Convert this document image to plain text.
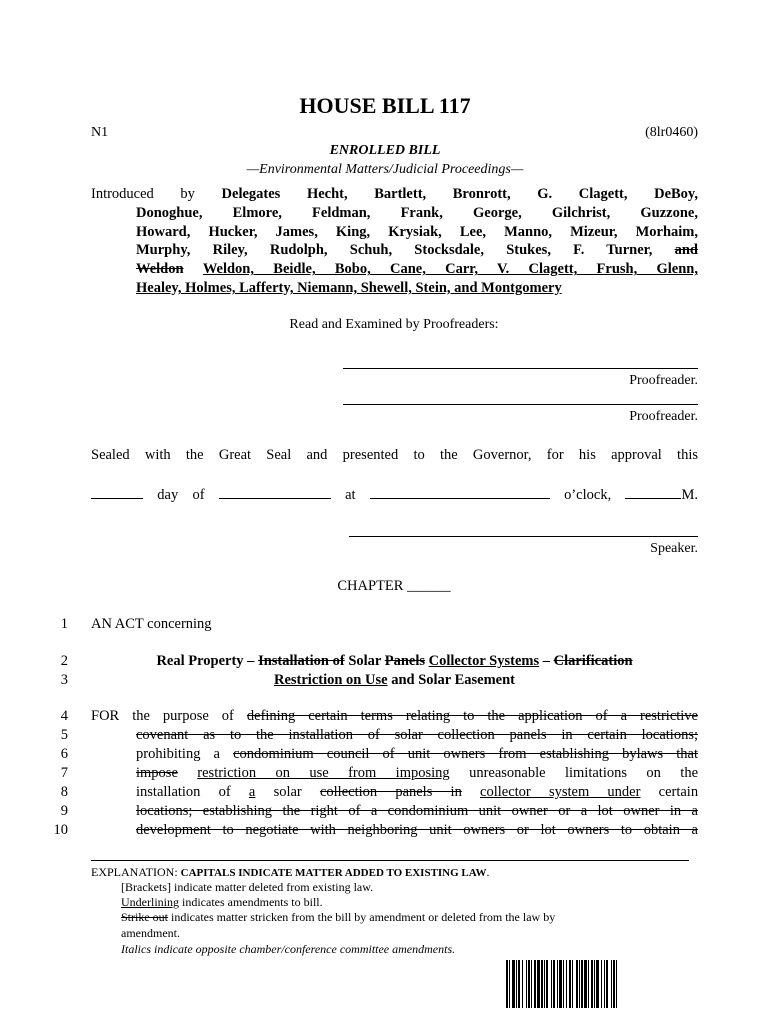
HOUSE BILL 117
N1	(8lr0460)
ENROLLED BILL
—Environmental Matters/Judicial Proceedings—
Introduced by Delegates Hecht, Bartlett, Bronrott, G. Clagett, DeBoy,
Donoghue, Elmore, Feldman, Frank, George, Gilchrist, Guzzone,
Howard, Hucker, James, King, Krysiak, Lee, Manno, Mizeur, Morhaim,
Murphy, Riley, Rudolph, Schuh, Stocksdale, Stukes, F. Turner, and
Weldon Weldon, Beidle, Bobo, Cane, Carr, V. Clagett, Frush, Glenn,
Healey, Holmes, Lafferty, Niemann, Shewell, Stein, and Montgomery
Read and Examined by Proofreaders:
Proofreader.
Proofreader.
Sealed with the Great Seal and presented to the Governor, for his approval this
day of	at	o’clock,	M.
Speaker.
CHAPTER ______
1
2
3
4
5
6
7
8
9
10
AN ACT concerning
Real Property – Installation of Solar Panels Collector Systems – Clarification
Restriction on Use and Solar Easement
FOR the purpose of defining certain terms relating to the application of a restrictive
covenant as to the installation of solar collection panels in certain locations;
prohibiting a condominium council of unit owners from establishing bylaws that
impose restriction on use from imposing unreasonable limitations on the
installation of a solar collection panels in collector system under certain
locations; establishing the right of a condominium unit owner or a lot owner in a
development to negotiate with neighboring unit owners or lot owners to obtain a
EXPLANATION: CAPITALS INDICATE MATTER ADDED TO EXISTING LAW.
[Brackets] indicate matter deleted from existing law.
Underlining indicates amendments to bill.
Strike out indicates matter stricken from the bill by amendment or deleted from the law by
amendment.
Italics indicate opposite chamber/conference committee amendments.
